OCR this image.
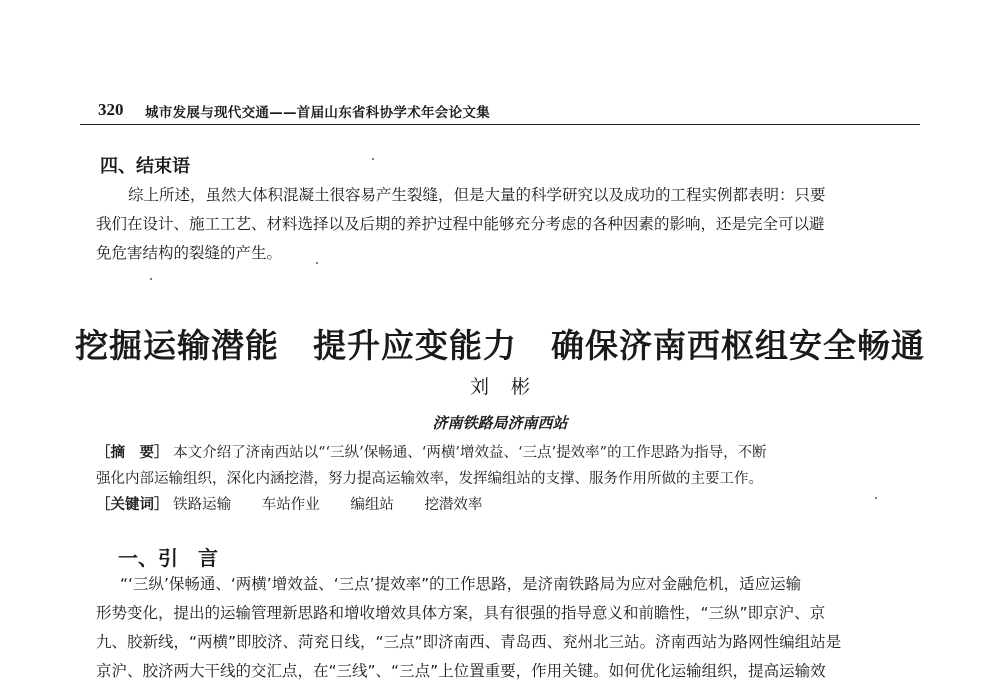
320 城市发展与现代交通——首届山东省科协学术年会论文集
四、结束语
综上所述，虽然大体积混凝土很容易产生裂缝，但是大量的科学研究以及成功的工程实例都表明：只要
我们在设计、施工工艺、材料选择以及后期的养护过程中能够充分考虑的各种因素的影响，还是完全可以避
免危害结构的裂缝的产生。
挖掘运输潜能　提升应变能力　确保济南西枢组安全畅通
刘彬
济南铁路局济南西站
［摘　要］ 本文介绍了济南西站以“‘三纵’保畅通、‘两横’增效益、‘三点’提效率”的工作思路为指导，不断
强化内部运输组织，深化内涵挖潜，努力提高运输效率，发挥编组站的支撑、服务作用所做的主要工作。
［关键词］ 铁路运输 车站作业 编组站 挖潜效率
一、引　言
“‘三纵’保畅通、‘两横’增效益、‘三点’提效率”的工作思路，是济南铁路局为应对金融危机，适应运输
形势变化，提出的运输管理新思路和增收增效具体方案，具有很强的指导意义和前瞻性，“三纵”即京沪、京
九、胶新线，“两横”即胶济、菏兖日线，“三点”即济南西、青岛西、兖州北三站。济南西站为路网性编组站是
京沪、胶济两大干线的交汇点，在“三线”、“三点”上位置重要，作用关键。如何优化运输组织，提高运输效
